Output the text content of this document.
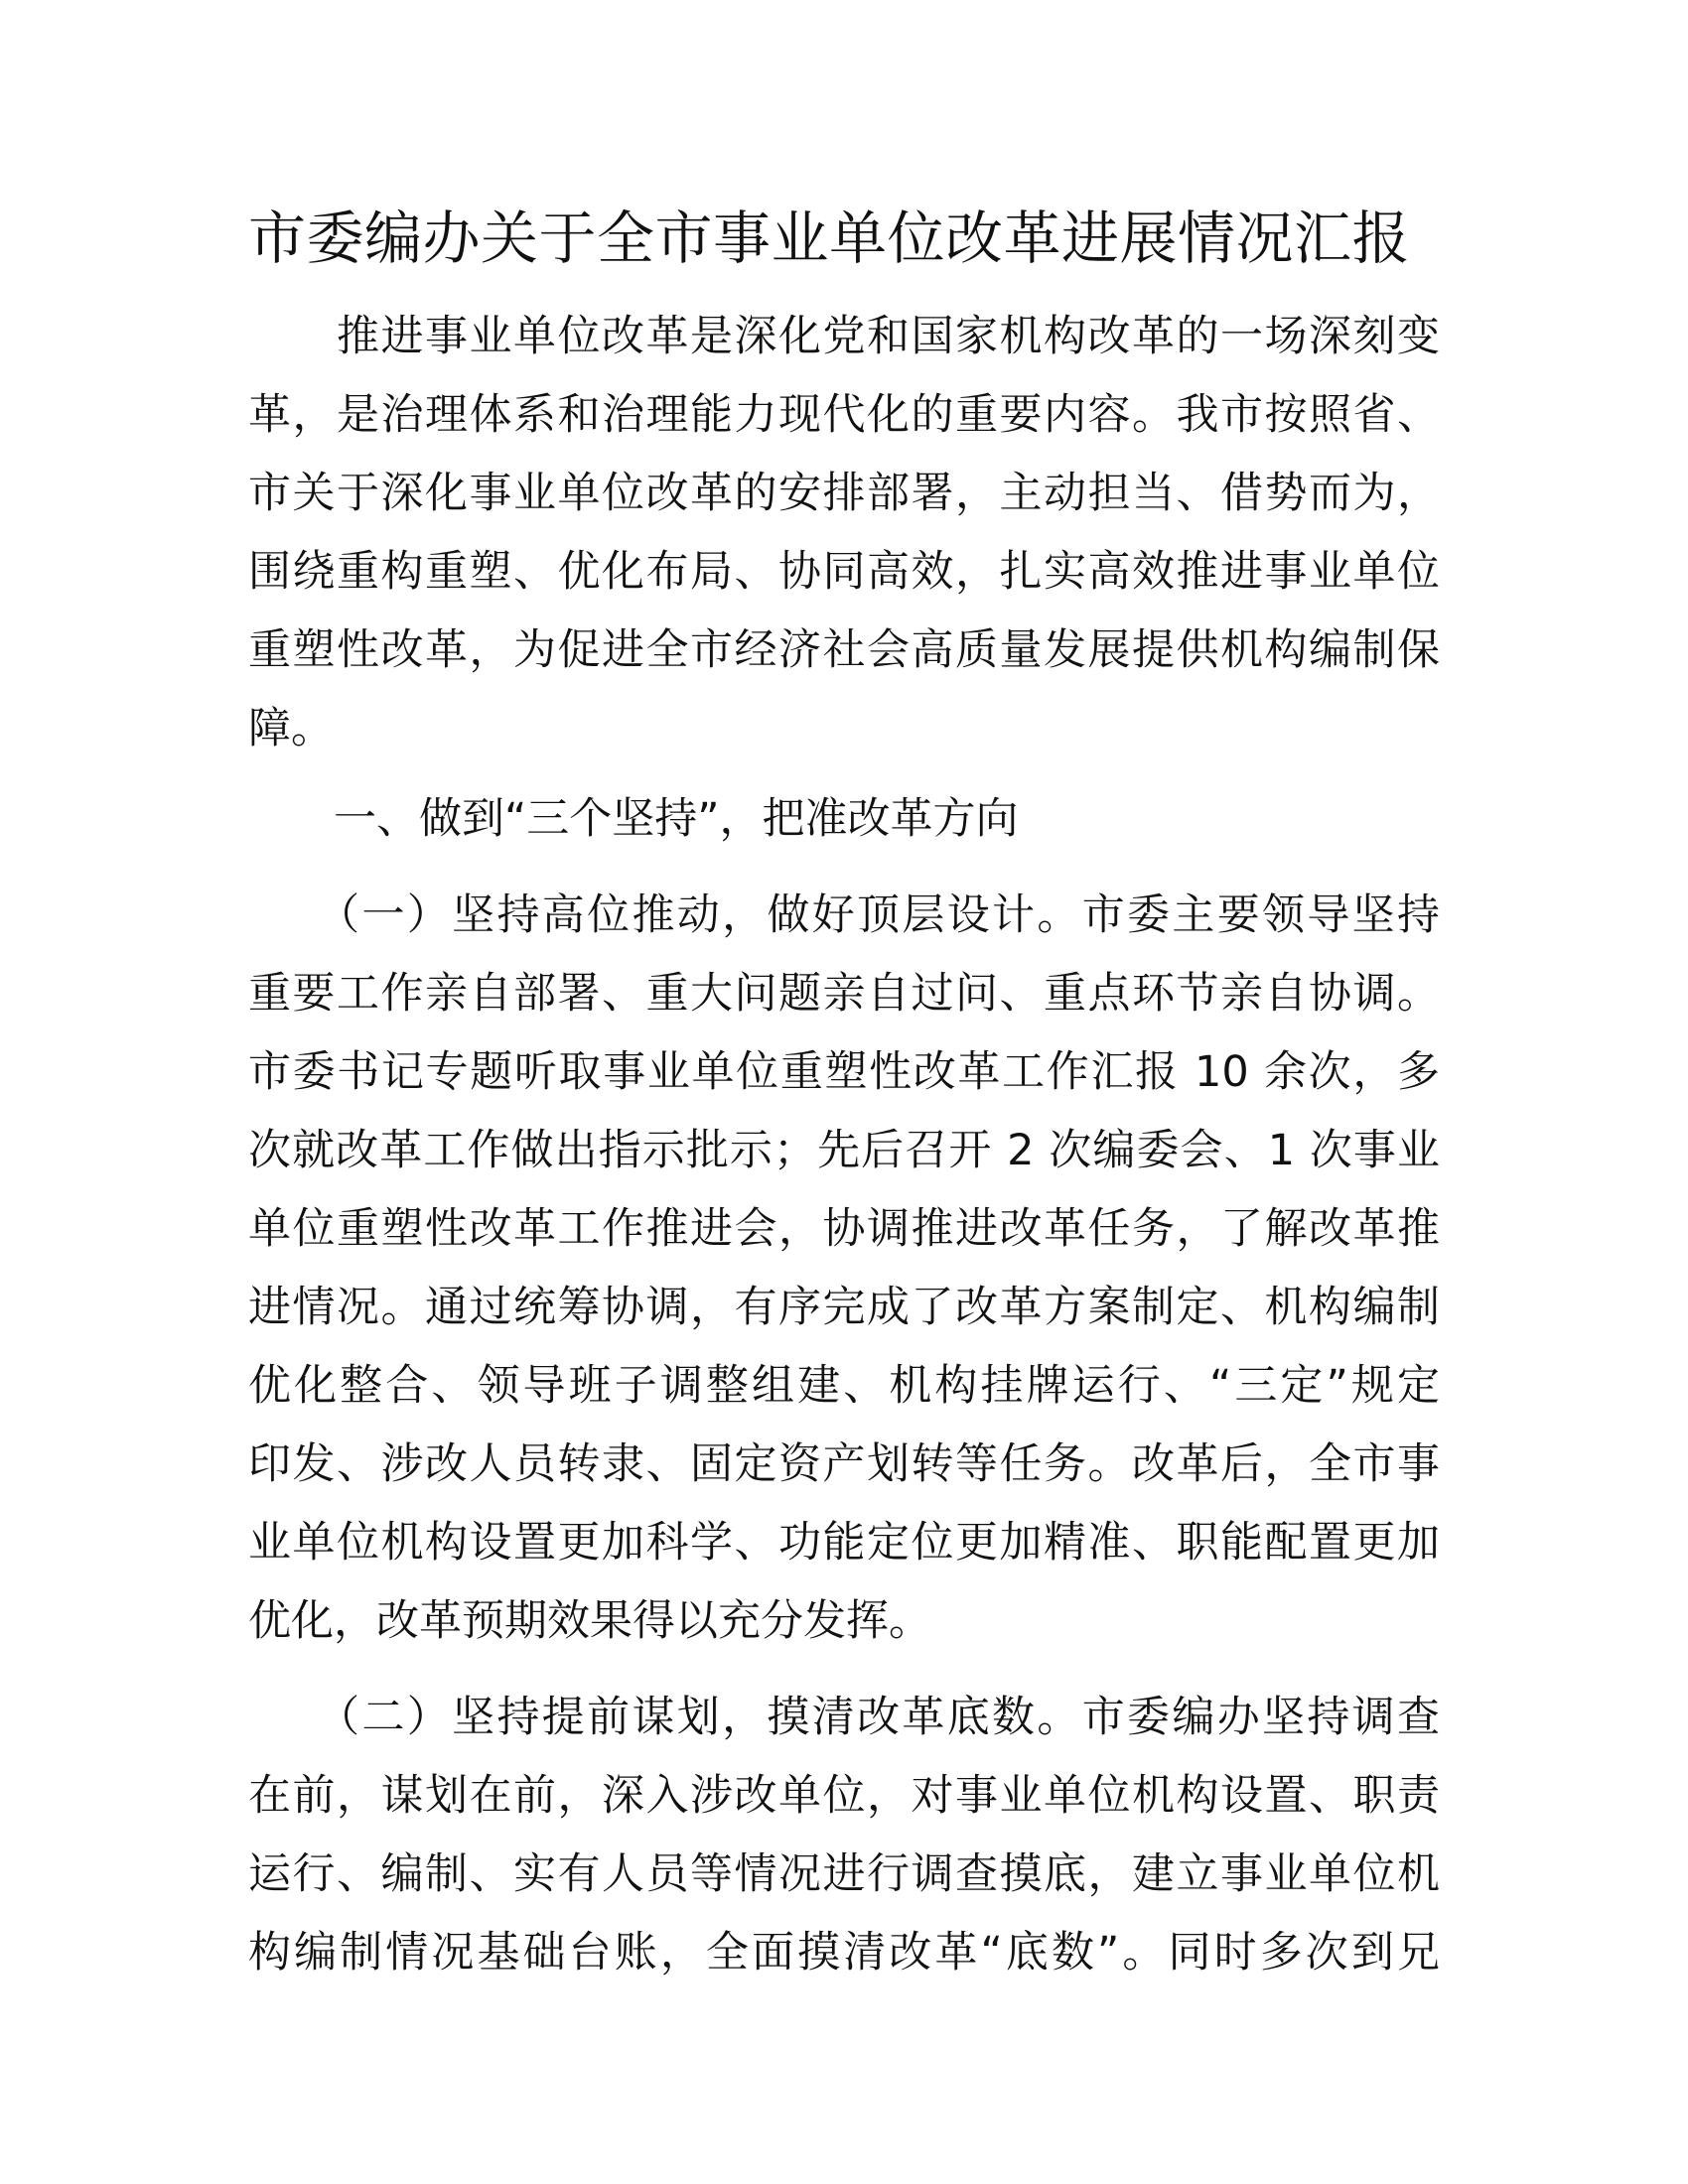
市委编办关于全市事业单位改革进展情况汇报
　　推进事业单位改革是深化党和国家机构改革的一场深刻变
革，是治理体系和治理能力现代化的重要内容。我市按照省、
市关于深化事业单位改革的安排部署，主动担当、借势而为，
围绕重构重塑、优化布局、协同高效，扎实高效推进事业单位
重塑性改革，为促进全市经济社会高质量发展提供机构编制保
障。
　　一、做到“三个坚持”，把准改革方向
　　（一）坚持高位推动，做好顶层设计。市委主要领导坚持
重要工作亲自部署、重大问题亲自过问、重点环节亲自协调。
市委书记专题听取事业单位重塑性改革工作汇报 10 余次，多
次就改革工作做出指示批示；先后召开 2 次编委会、1 次事业
单位重塑性改革工作推进会，协调推进改革任务，了解改革推
进情况。通过统筹协调，有序完成了改革方案制定、机构编制
优化整合、领导班子调整组建、机构挂牌运行、“三定”规定
印发、涉改人员转隶、固定资产划转等任务。改革后，全市事
业单位机构设置更加科学、功能定位更加精准、职能配置更加
优化，改革预期效果得以充分发挥。
　　（二）坚持提前谋划，摸清改革底数。市委编办坚持调查
在前，谋划在前，深入涉改单位，对事业单位机构设置、职责
运行、编制、实有人员等情况进行调查摸底，建立事业单位机
构编制情况基础台账，全面摸清改革“底数”。同时多次到兄
